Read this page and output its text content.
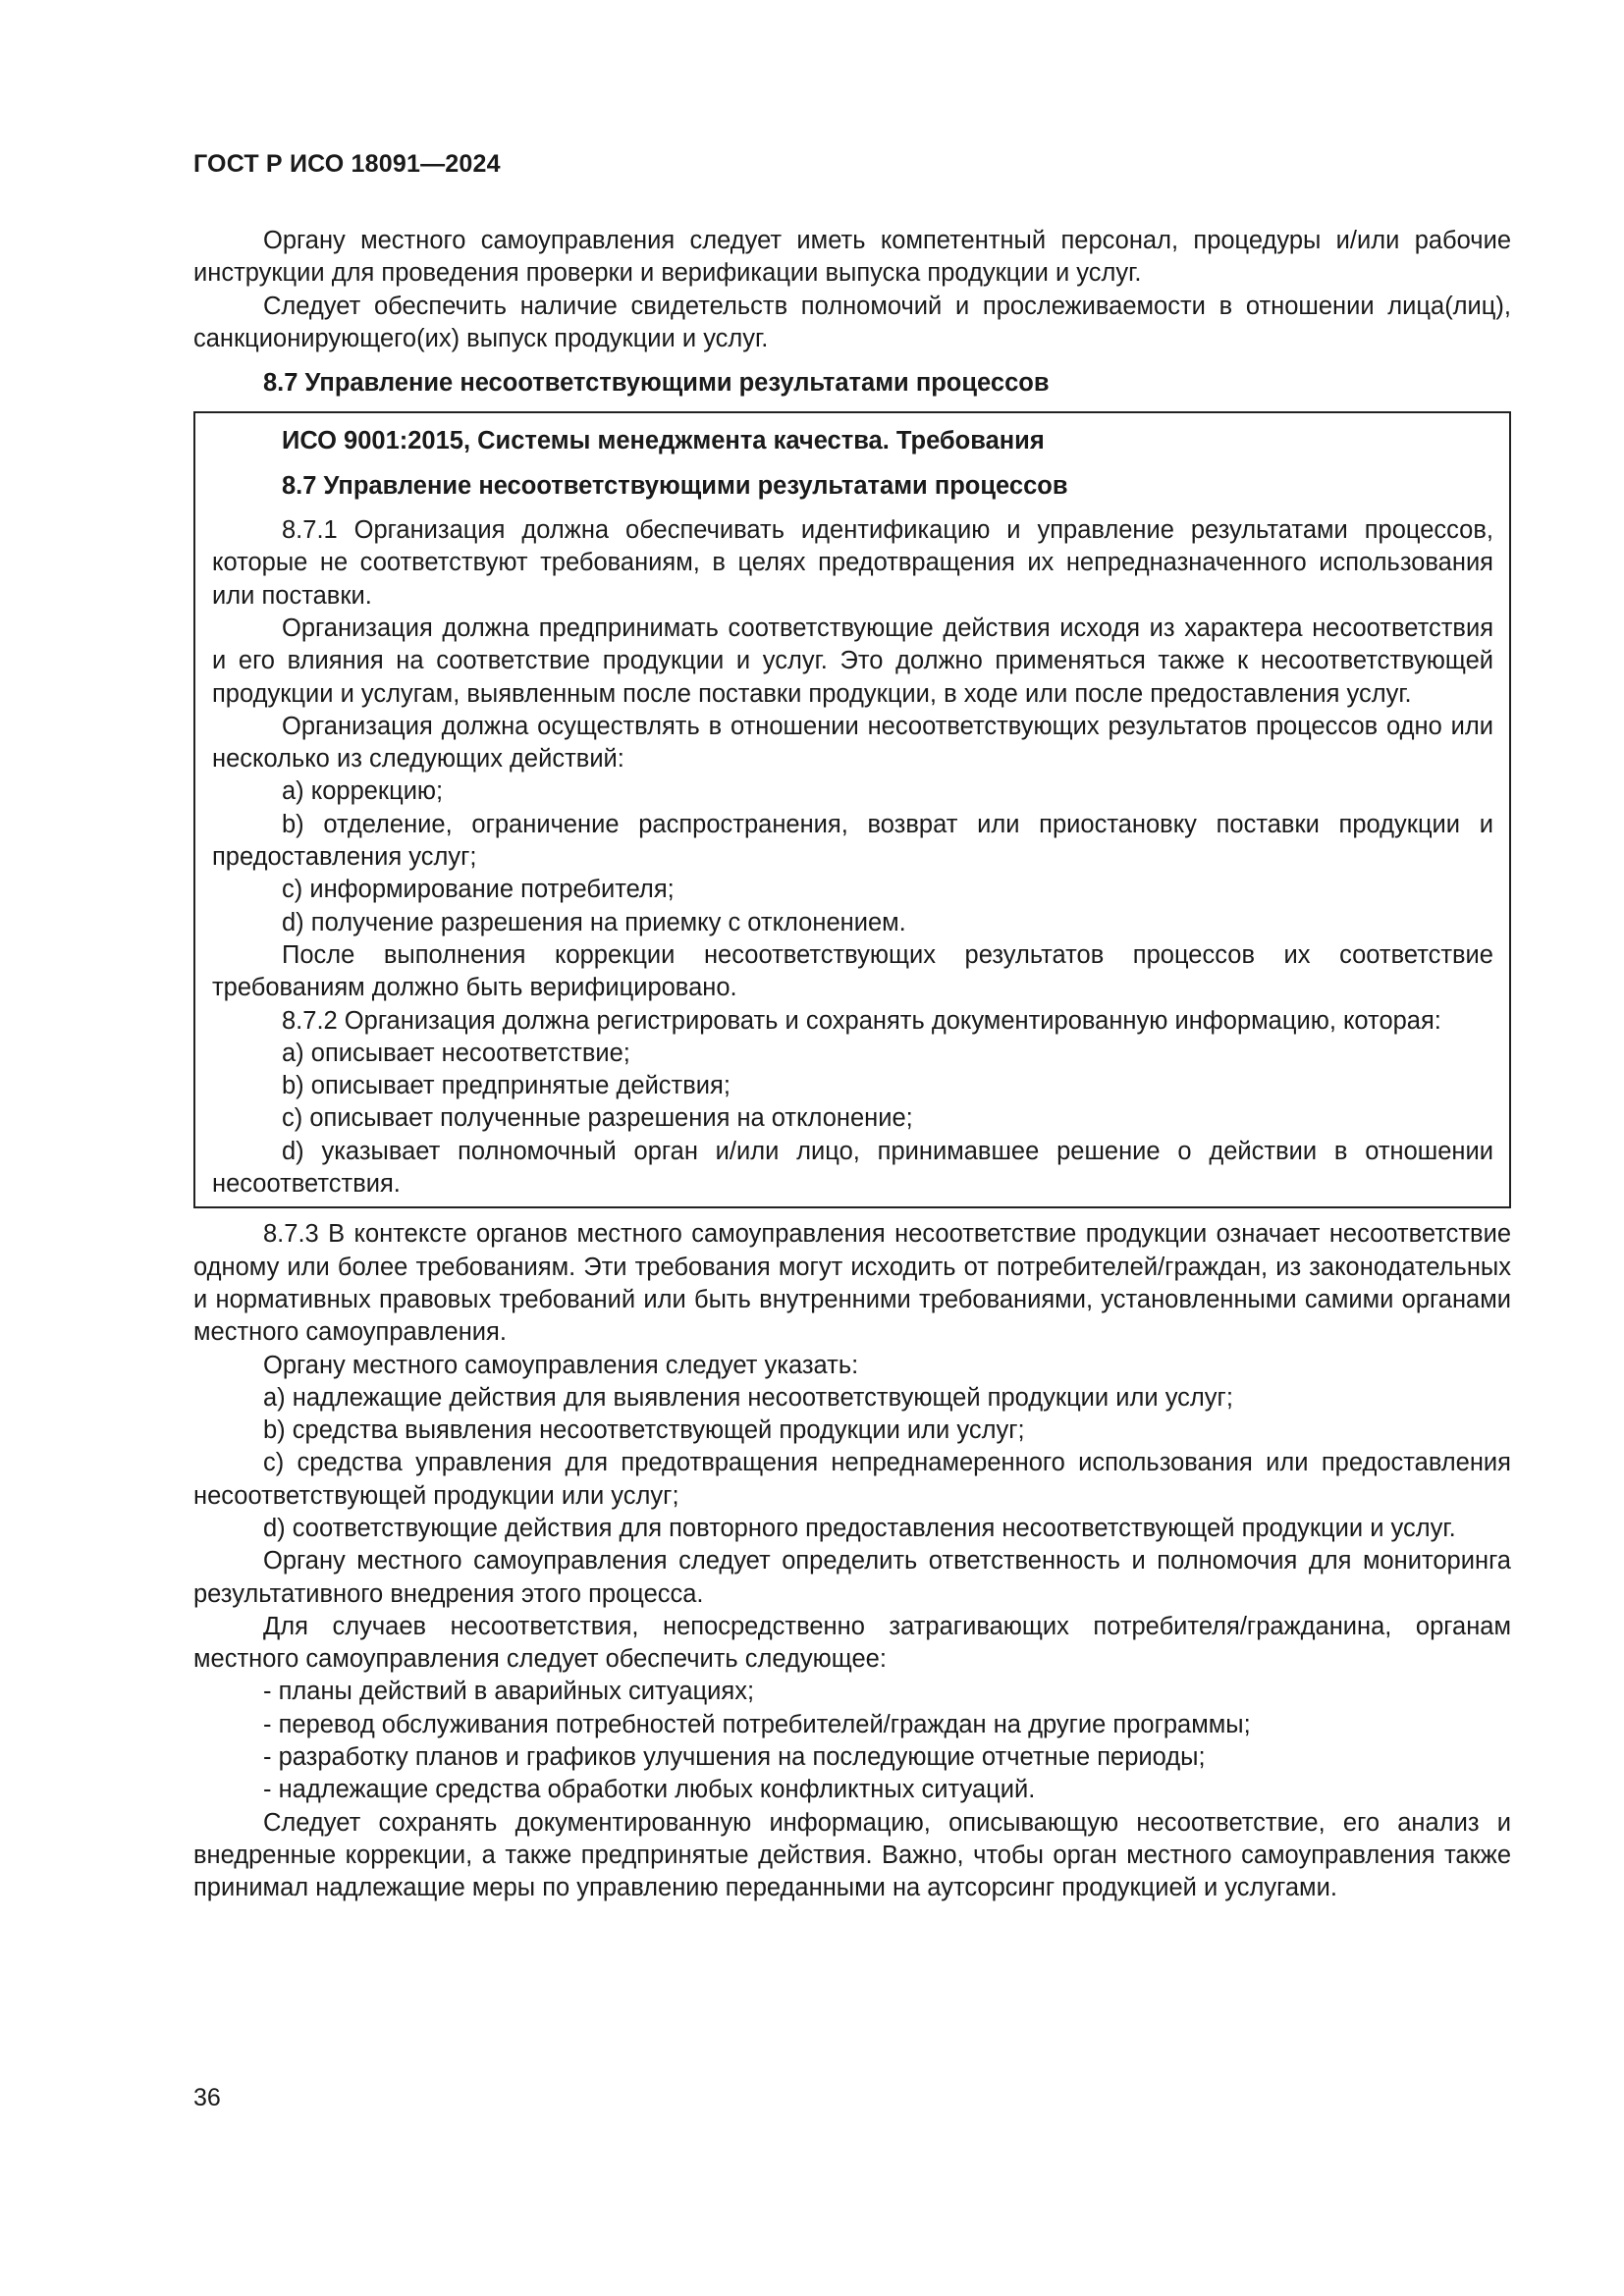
ГОСТ Р ИСО 18091—2024

Органу местного самоуправления следует иметь компетентный персонал, процедуры и/или рабочие инструкции для проведения проверки и верификации выпуска продукции и услуг.

Следует обеспечить наличие свидетельств полномочий и прослеживаемости в отношении лица(лиц), санкционирующего(их) выпуск продукции и услуг.

8.7 Управление несоответствующими результатами процессов

ИСО 9001:2015, Системы менеджмента качества. Требования

8.7 Управление несоответствующими результатами процессов

8.7.1 Организация должна обеспечивать идентификацию и управление результатами процессов, которые не соответствуют требованиям, в целях предотвращения их непредназначенного использования или поставки.

Организация должна предпринимать соответствующие действия исходя из характера несоответствия и его влияния на соответствие продукции и услуг. Это должно применяться также к несоответствующей продукции и услугам, выявленным после поставки продукции, в ходе или после предоставления услуг.

Организация должна осуществлять в отношении несоответствующих результатов процессов одно или несколько из следующих действий:

a) коррекцию;

b) отделение, ограничение распространения, возврат или приостановку поставки продукции и предоставления услуг;

c) информирование потребителя;

d) получение разрешения на приемку с отклонением.

После выполнения коррекции несоответствующих результатов процессов их соответствие требованиям должно быть верифицировано.

8.7.2 Организация должна регистрировать и сохранять документированную информацию, которая:

a) описывает несоответствие;

b) описывает предпринятые действия;

c) описывает полученные разрешения на отклонение;

d) указывает полномочный орган и/или лицо, принимавшее решение о действии в отношении несоответствия.

8.7.3 В контексте органов местного самоуправления несоответствие продукции означает несоответствие одному или более требованиям. Эти требования могут исходить от потребителей/граждан, из законодательных и нормативных правовых требований или быть внутренними требованиями, установленными самими органами местного самоуправления.

Органу местного самоуправления следует указать:

a) надлежащие действия для выявления несоответствующей продукции или услуг;

b) средства выявления несоответствующей продукции или услуг;

c) средства управления для предотвращения непреднамеренного использования или предоставления несоответствующей продукции или услуг;

d) соответствующие действия для повторного предоставления несоответствующей продукции и услуг.

Органу местного самоуправления следует определить ответственность и полномочия для мониторинга результативного внедрения этого процесса.

Для случаев несоответствия, непосредственно затрагивающих потребителя/гражданина, органам местного самоуправления следует обеспечить следующее:

- планы действий в аварийных ситуациях;

- перевод обслуживания потребностей потребителей/граждан на другие программы;

- разработку планов и графиков улучшения на последующие отчетные периоды;

- надлежащие средства обработки любых конфликтных ситуаций.

Следует сохранять документированную информацию, описывающую несоответствие, его анализ и внедренные коррекции, а также предпринятые действия. Важно, чтобы орган местного самоуправления также принимал надлежащие меры по управлению переданными на аутсорсинг продукцией и услугами.

36
